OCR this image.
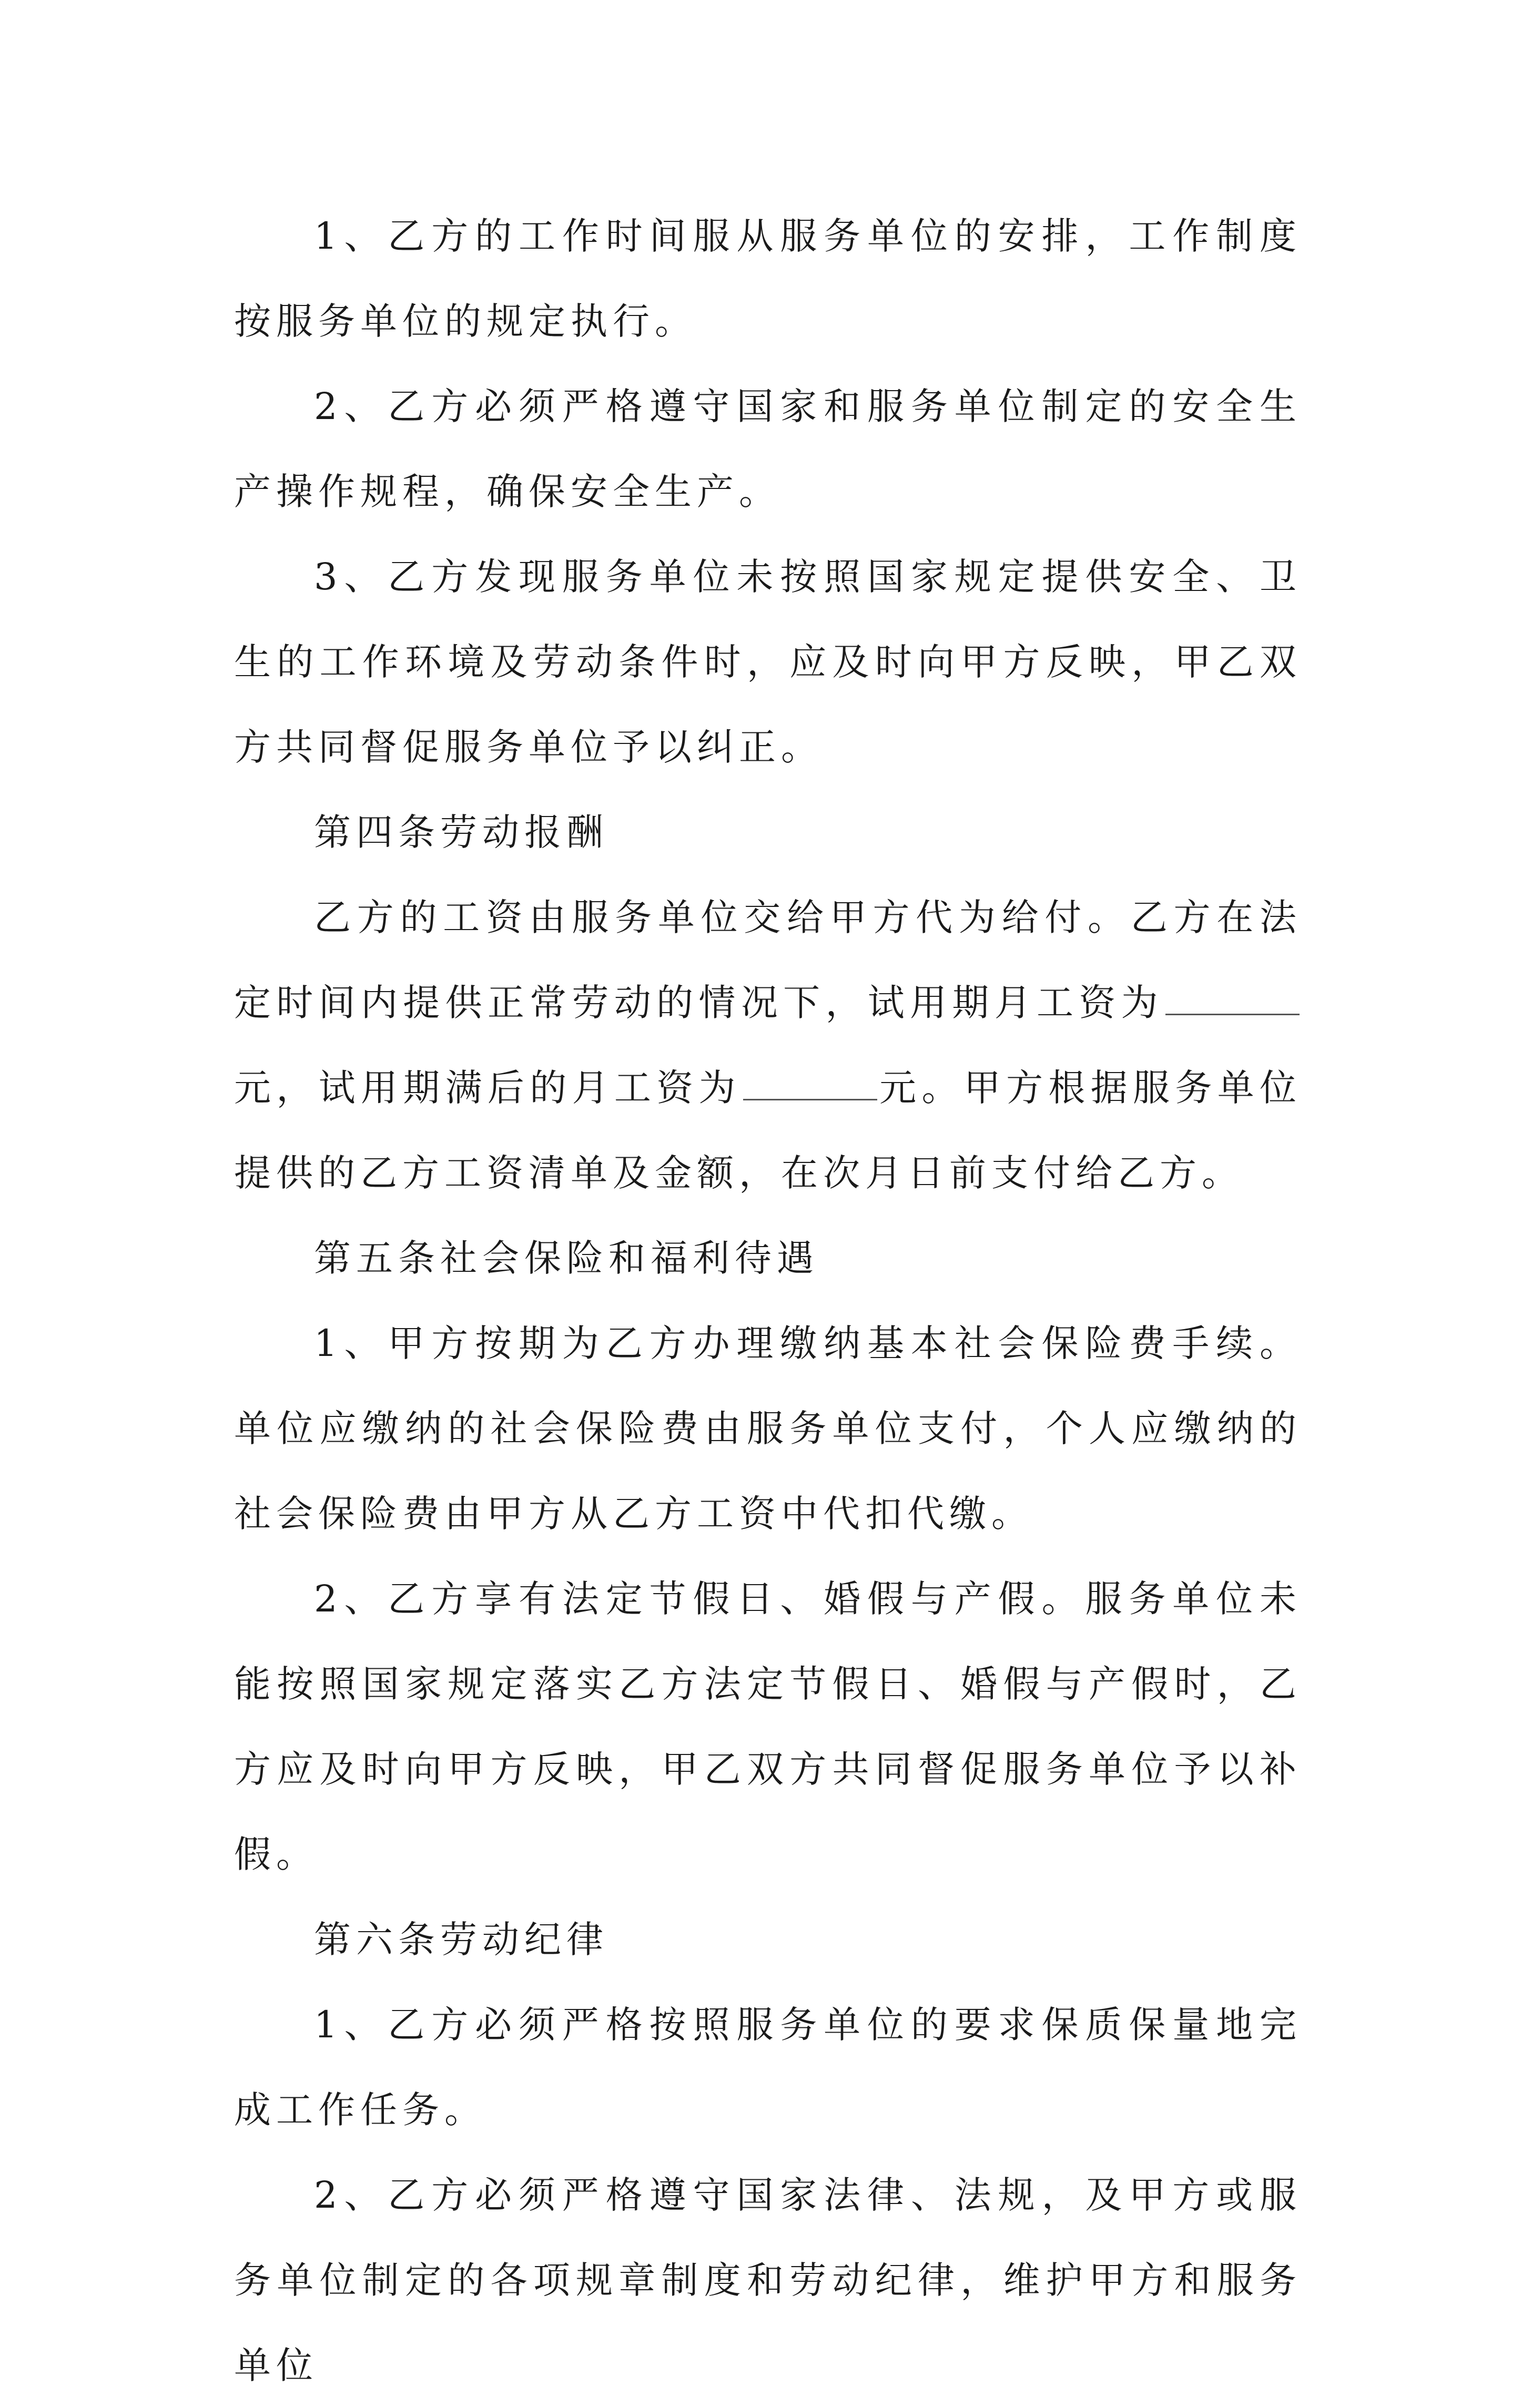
1、乙方的工作时间服从服务单位的安排，工作制度按服务单位的规定执行。

2、乙方必须严格遵守国家和服务单位制定的安全生产操作规程，确保安全生产。

3、乙方发现服务单位未按照国家规定提供安全、卫生的工作环境及劳动条件时，应及时向甲方反映，甲乙双方共同督促服务单位予以纠正。

第四条劳动报酬

乙方的工资由服务单位交给甲方代为给付。乙方在法定时间内提供正常劳动的情况下，试用期月工资为元，试用期满后的月工资为	元。甲方根据服务单位提供的乙方工资清单及金额，在次月日前支付给乙方。

第五条社会保险和福利待遇

1、甲方按期为乙方办理缴纳基本社会保险费手续。单位应缴纳的社会保险费由服务单位支付，个人应缴纳的社会保险费由甲方从乙方工资中代扣代缴。

2、乙方享有法定节假日、婚假与产假。服务单位未能按照国家规定落实乙方法定节假日、婚假与产假时，乙方应及时向甲方反映，甲乙双方共同督促服务单位予以补假。

第六条劳动纪律

1、乙方必须严格按照服务单位的要求保质保量地完成工作任务。

2、乙方必须严格遵守国家法律、法规，及甲方或服务单位制定的各项规章制度和劳动纪律，维护甲方和服务单位
